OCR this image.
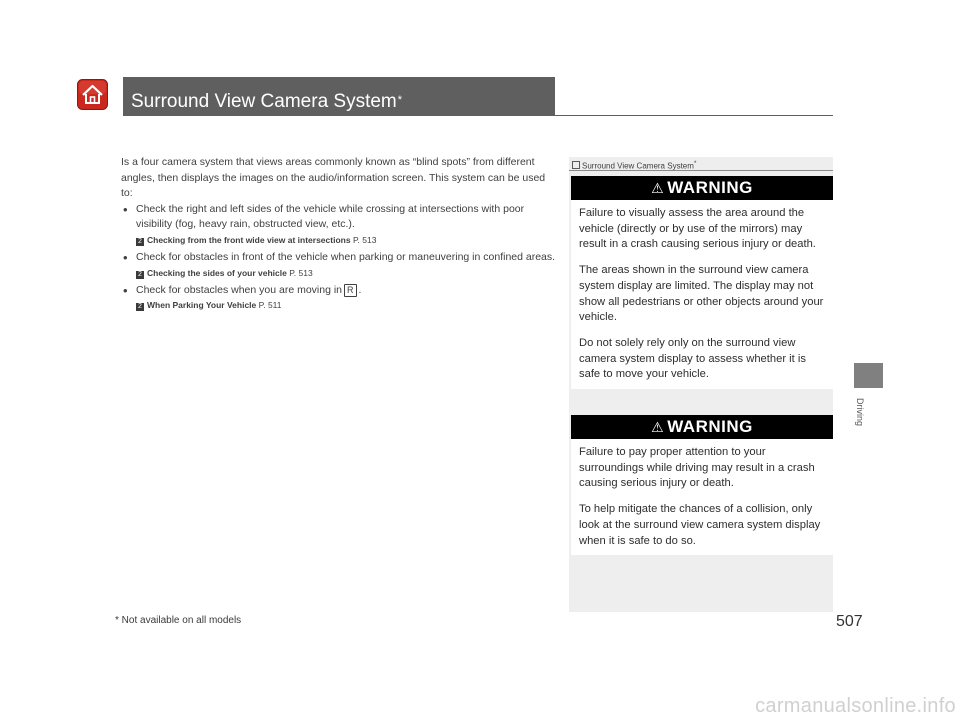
Surround View Camera System*

Is a four camera system that views areas commonly known as “blind spots” from different angles, then displays the images on the audio/information screen. This system can be used to:

• Check the right and left sides of the vehicle while crossing at intersections with poor visibility (fog, heavy rain, obstructed view, etc.).
2 Checking from the front wide view at intersections P. 513
• Check for obstacles in front of the vehicle when parking or maneuvering in confined areas.
2 Checking the sides of your vehicle P. 513
• Check for obstacles when you are moving in R .
2 When Parking Your Vehicle P. 511
Surround View Camera System*
⚠ WARNING

Failure to visually assess the area around the vehicle (directly or by use of the mirrors) may result in a crash causing serious injury or death.

The areas shown in the surround view camera system display are limited. The display may not show all pedestrians or other objects around your vehicle.

Do not solely rely only on the surround view camera system display to assess whether it is safe to move your vehicle.

⚠ WARNING

Failure to pay proper attention to your surroundings while driving may result in a crash causing serious injury or death.

To help mitigate the chances of a collision, only look at the surround view camera system display when it is safe to do so.

Driving
* Not available on all models	507
carmanualsonline.info
